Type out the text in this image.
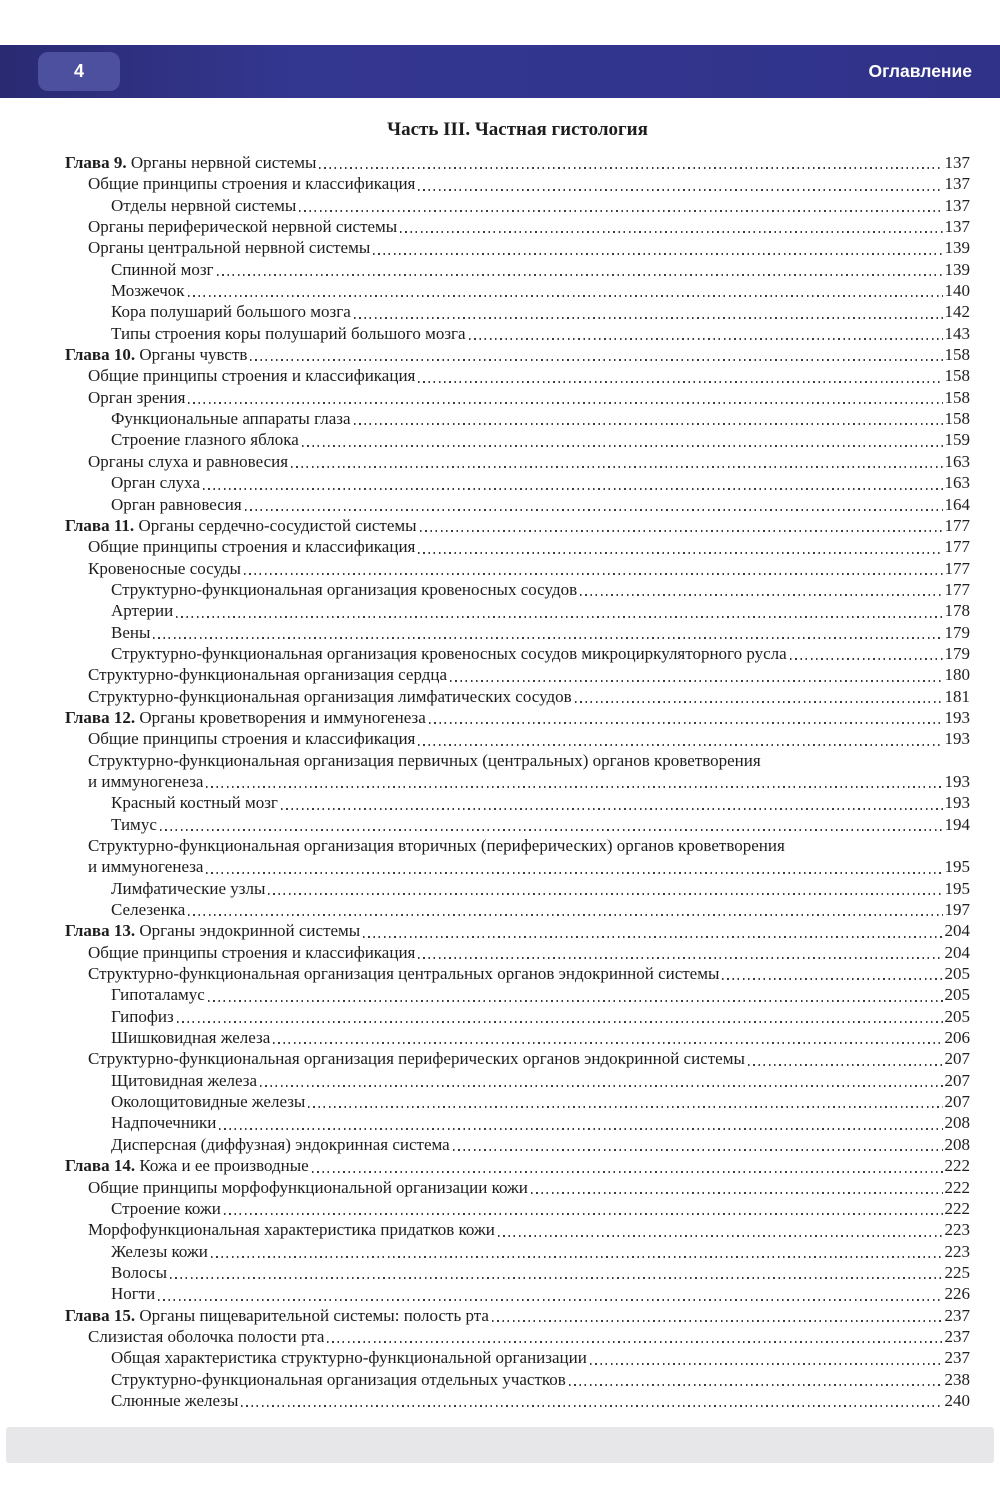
4	Оглавление
Часть III. Частная гистология
Глава 9. Органы нервной системы	137
Общие принципы строения и классификация	137
Отделы нервной системы	137
Органы периферической нервной системы	137
Органы центральной нервной системы	139
Спинной мозг	139
Мозжечок	140
Кора полушарий большого мозга	142
Типы строения коры полушарий большого мозга	143
Глава 10. Органы чувств	158
Общие принципы строения и классификация	158
Орган зрения	158
Функциональные аппараты глаза	158
Строение глазного яблока	159
Органы слуха и равновесия	163
Орган слуха	163
Орган равновесия	164
Глава 11. Органы сердечно-сосудистой системы	177
Общие принципы строения и классификация	177
Кровеносные сосуды	177
Структурно-функциональная организация кровеносных сосудов	177
Артерии	178
Вены	179
Структурно-функциональная организация кровеносных сосудов микроциркуляторного русла	179
Структурно-функциональная организация сердца	180
Структурно-функциональная организация лимфатических сосудов	181
Глава 12. Органы кроветворения и иммуногенеза	193
Общие принципы строения и классификация	193
Структурно-функциональная организация первичных (центральных) органов кроветворения
и иммуногенеза	193
Красный костный мозг	193
Тимус	194
Структурно-функциональная организация вторичных (периферических) органов кроветворения
и иммуногенеза	195
Лимфатические узлы	195
Селезенка	197
Глава 13. Органы эндокринной системы	204
Общие принципы строения и классификация	204
Структурно-функциональная организация центральных органов эндокринной системы	205
Гипоталамус	205
Гипофиз	205
Шишковидная железа	206
Структурно-функциональная организация периферических органов эндокринной системы	207
Щитовидная железа	207
Околощитовидные железы	207
Надпочечники	208
Дисперсная (диффузная) эндокринная система	208
Глава 14. Кожа и ее производные	222
Общие принципы морфофункциональной организации кожи	222
Строение кожи	222
Морфофункциональная характеристика придатков кожи	223
Железы кожи	223
Волосы	225
Ногти	226
Глава 15. Органы пищеварительной системы: полость рта	237
Слизистая оболочка полости рта	237
Общая характеристика структурно-функциональной организации	237
Структурно-функциональная организация отдельных участков	238
Слюнные железы	240
